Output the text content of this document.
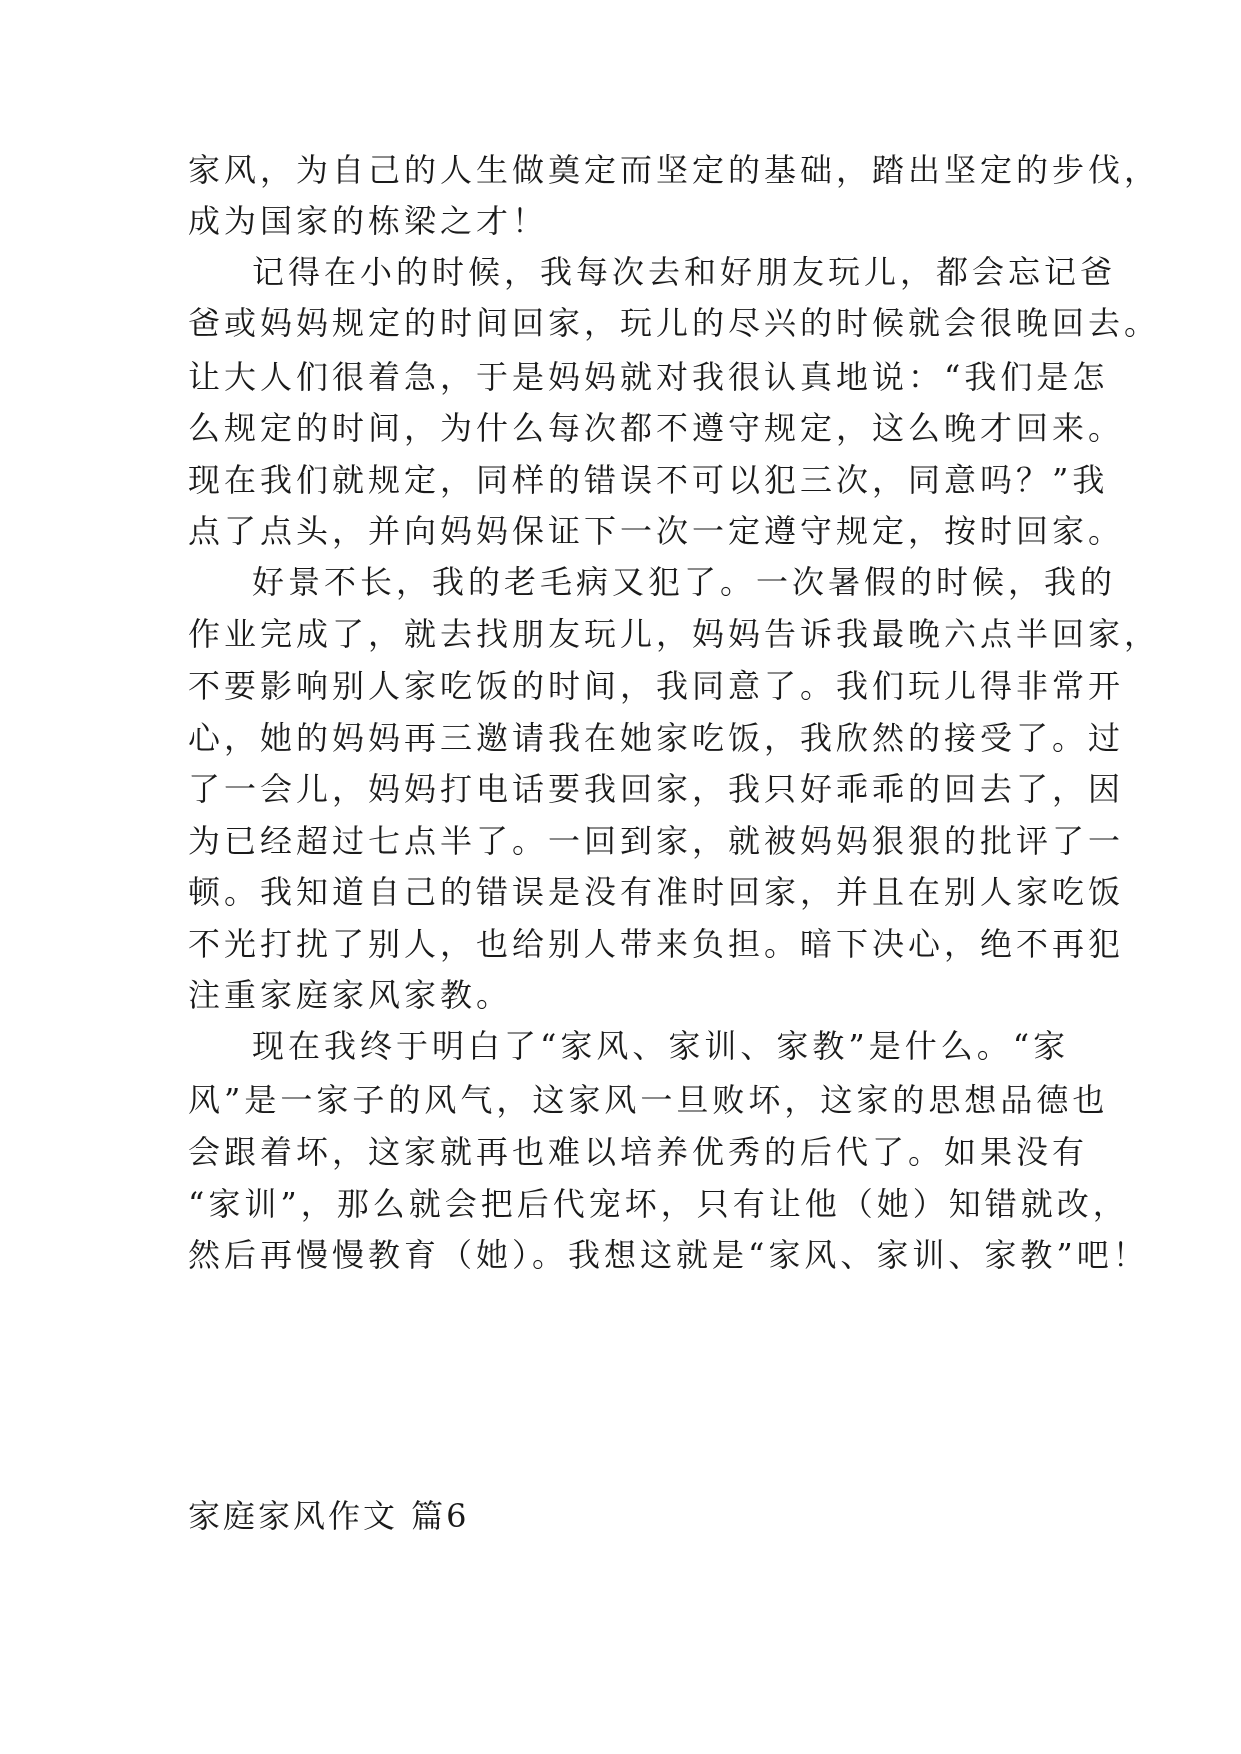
家风，为自己的人生做奠定而坚定的基础，踏出坚定的步伐，
成为国家的栋梁之才！
记得在小的时候，我每次去和好朋友玩儿，都会忘记爸
爸或妈妈规定的时间回家，玩儿的尽兴的时候就会很晚回去。
让大人们很着急，于是妈妈就对我很认真地说：“我们是怎
么规定的时间，为什么每次都不遵守规定，这么晚才回来。
现在我们就规定，同样的错误不可以犯三次，同意吗？”我
点了点头，并向妈妈保证下一次一定遵守规定，按时回家。
好景不长，我的老毛病又犯了。一次暑假的时候，我的
作业完成了，就去找朋友玩儿，妈妈告诉我最晚六点半回家，
不要影响别人家吃饭的时间，我同意了。我们玩儿得非常开
心，她的妈妈再三邀请我在她家吃饭，我欣然的接受了。过
了一会儿，妈妈打电话要我回家，我只好乖乖的回去了，因
为已经超过七点半了。一回到家，就被妈妈狠狠的批评了一
顿。我知道自己的错误是没有准时回家，并且在别人家吃饭
不光打扰了别人，也给别人带来负担。暗下决心，绝不再犯
注重家庭家风家教。
现在我终于明白了“家风、家训、家教”是什么。“家
风”是一家子的风气，这家风一旦败坏，这家的思想品德也
会跟着坏，这家就再也难以培养优秀的后代了。如果没有
“家训”，那么就会把后代宠坏，只有让他（她）知错就改，
然后再慢慢教育（她）。我想这就是“家风、家训、家教”吧！
家庭家风作文 篇6
